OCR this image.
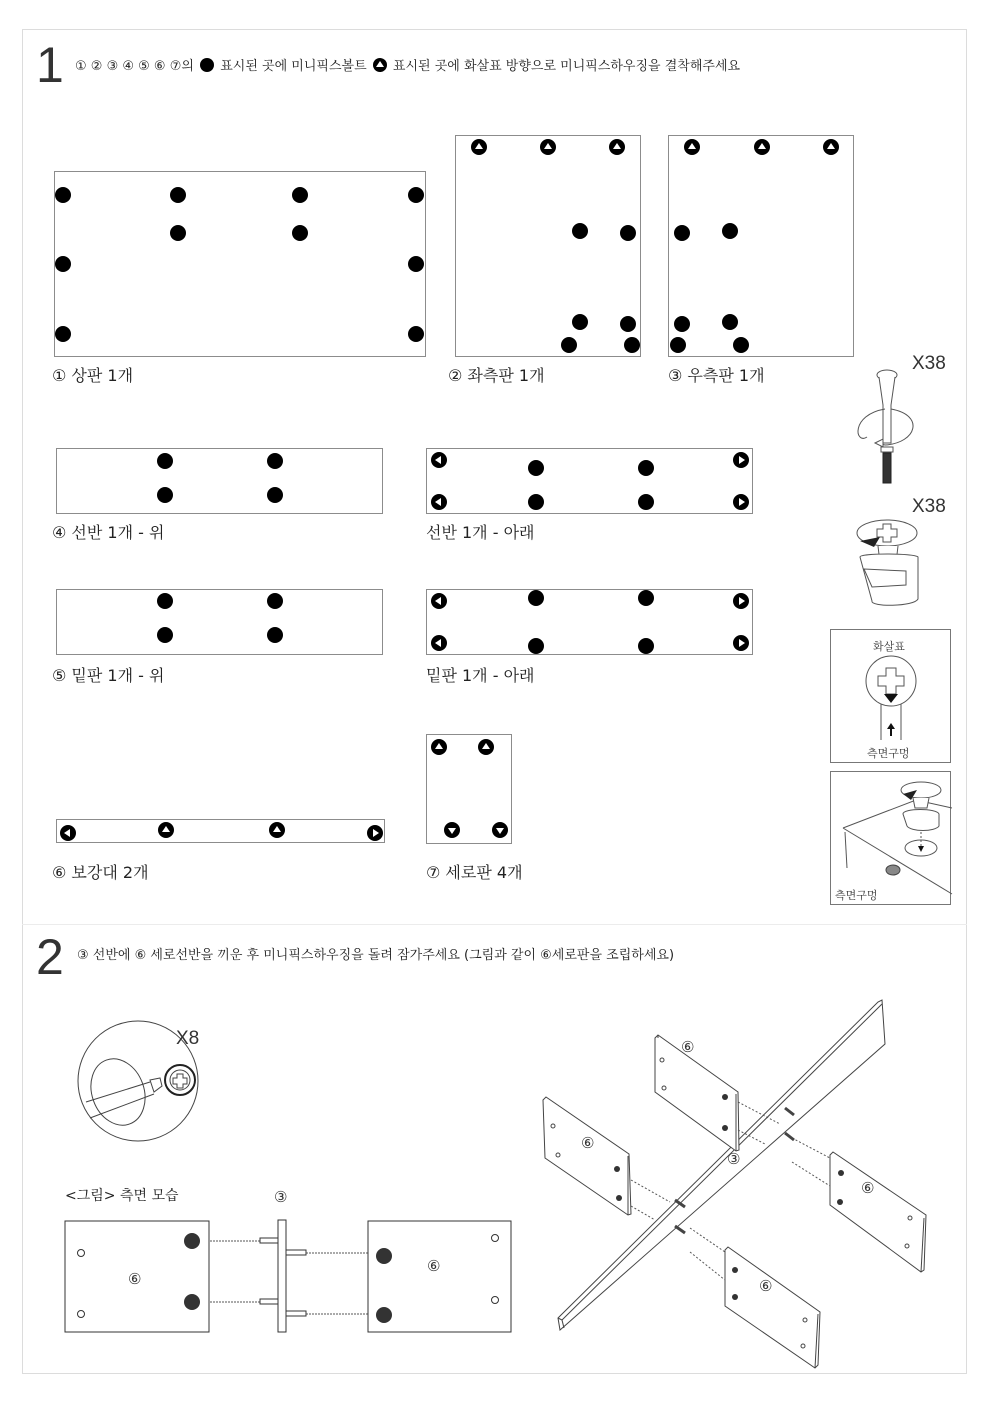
1 ① ② ③ ④ ⑤ ⑥ ⑦의 표시된 곳에 미니픽스볼트 표시된 곳에 화살표 방향으로 미니픽스하우징을 결착해주세요
① 상판 1개	② 좌측판 1개	③ 우측판 1개
④ 선반 1개 - 위	선반 1개 - 아래
⑤ 밑판 1개 - 위	밑판 1개 - 아래
⑥ 보강대 2개	⑦ 세로판 4개
X38
X38
화살표
측면구멍
측면구멍
2 ③ 선반에 ⑥ 세로선반을 끼운 후 미니픽스하우징을 돌려 잠가주세요 (그림과 같이 ⑥세로판을 조립하세요)
X8
<그림> 측면 모습	③
⑥
⑥
⑥
⑥
③
⑥
⑥
